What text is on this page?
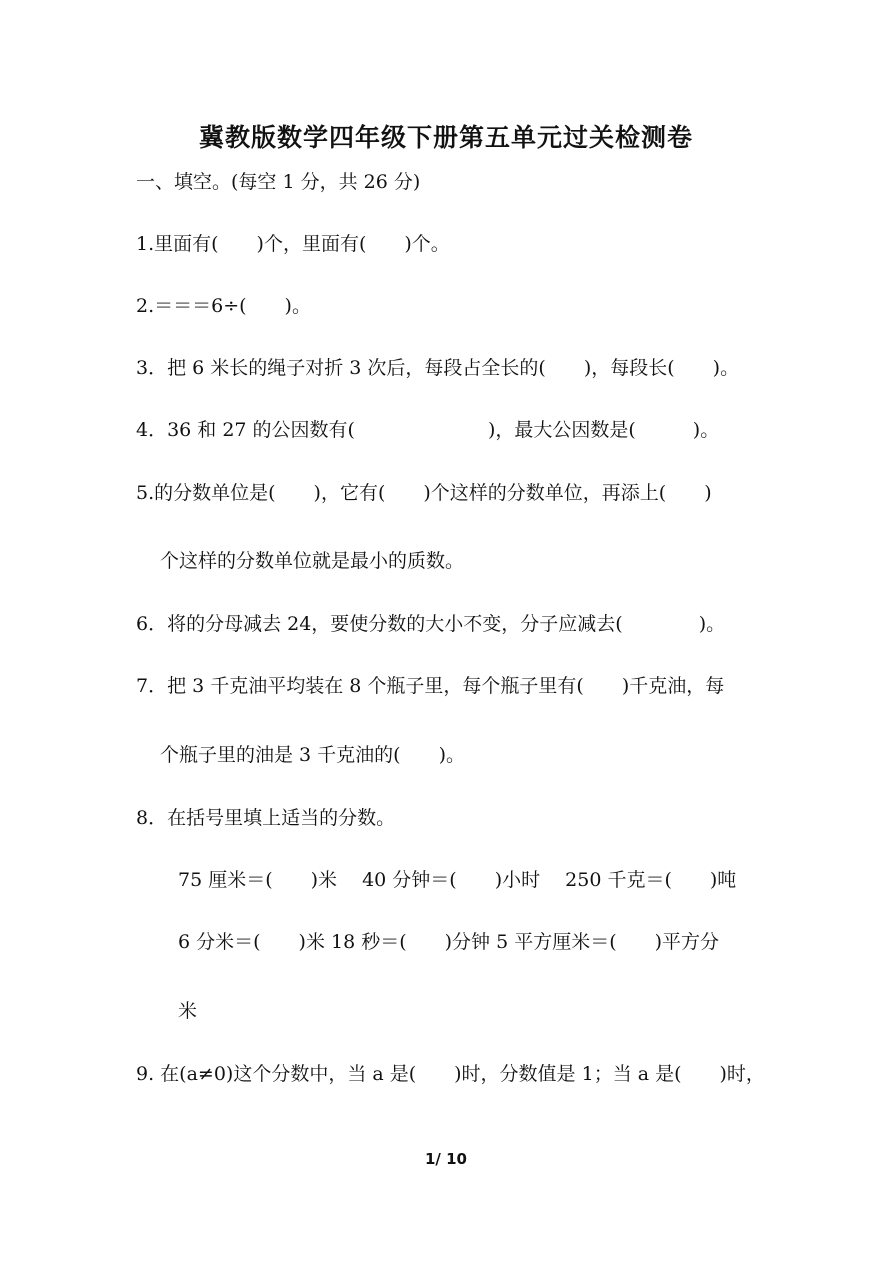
冀教版数学四年级下册第五单元过关检测卷
一、填空。(每空 1 分，共 26 分)
1.里面有(　　)个，里面有(　　)个。
2.＝＝＝6÷(　　)。
3．把 6 米长的绳子对折 3 次后，每段占全长的(　　)，每段长(　　)。
4．36 和 27 的公因数有(　　　　　　　)，最大公因数是(　　　)。
5.的分数单位是(　　)，它有(　　)个这样的分数单位，再添上(　　)
个这样的分数单位就是最小的质数。
6．将的分母减去 24，要使分数的大小不变，分子应减去(　　　　)。
7．把 3 千克油平均装在 8 个瓶子里，每个瓶子里有(　　)千克油，每
个瓶子里的油是 3 千克油的(　　)。
8．在括号里填上适当的分数。
75 厘米＝(　　)米　 40 分钟＝(　　)小时　 250 千克＝(　　)吨
6 分米＝(　　)米 18 秒＝(　　)分钟 5 平方厘米＝(　　)平方分
米
9. 在(a≠0)这个分数中，当 a 是(　　)时，分数值是 1；当 a 是(　　)时，
1/ 10
